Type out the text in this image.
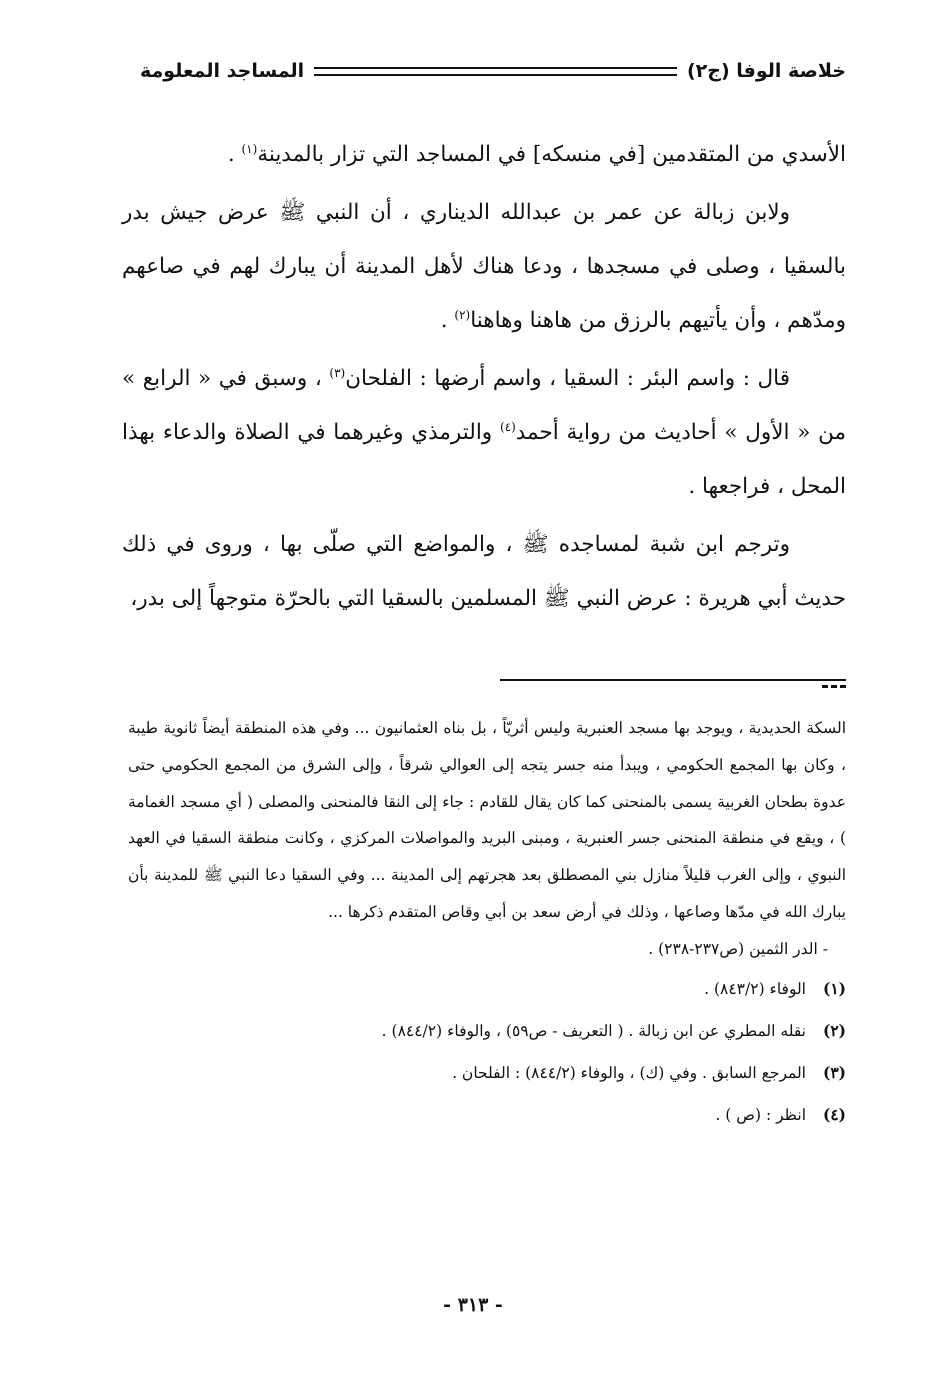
خلاصة الوفا (ج٢)
المساجد المعلومة

الأسدي من المتقدمين [في منسكه] في المساجد التي تزار بالمدينة$^{(١)}$ .

ولابن زبالة عن عمر بن عبدالله الديناري ، أن النبي ﷺ عرض جيش بدر بالسقيا ، وصلى في مسجدها ، ودعا هناك لأهل المدينة أن يبارك لهم في صاعهم ومدّهم ، وأن يأتيهم بالرزق من هاهنا وهاهنا$^{(٢)}$ .

قال : واسم البئر : السقيا ، واسم أرضها : الفلحان$^{(٣)}$ ، وسبق في « الرابع » من « الأول » أحاديث من رواية أحمد$^{(٤)}$ والترمذي وغيرهما في الصلاة والدعاء بهذا المحل ، فراجعها .

وترجم ابن شبة لمساجده ﷺ ، والمواضع التي صلّى بها ، وروى في ذلك حديث أبي هريرة : عرض النبي ﷺ المسلمين بالسقيا التي بالحرّة متوجهاً إلى بدر،

السكة الحديدية ، ويوجد بها مسجد العنبرية وليس أثريّاً ، بل بناه العثمانيون ... وفي هذه المنطقة أيضاً ثانوية طيبة ، وكان بها المجمع الحكومي ، ويبدأ منه جسر يتجه إلى العوالي شرقاً ، وإلى الشرق من المجمع الحكومي حتى عدوة بطحان الغربية يسمى بالمنحنى كما كان يقال للقادم : جاء إلى النقا فالمنحنى والمصلى ( أي مسجد الغمامة ) ، ويقع في منطقة المنحنى جسر العنبرية ، ومبنى البريد والمواصلات المركزي ، وكانت منطقة السقيا في العهد النبوي ، وإلى الغرب قليلاً منازل بني المصطلق بعد هجرتهم إلى المدينة ... وفي السقيا دعا النبي ﷺ للمدينة بأن يبارك الله في مدّها وصاعها ، وذلك في أرض سعد بن أبي وقاص المتقدم ذكرها ...
- الدر الثمين (ص٢٣٧-٢٣٨) .

(١)الوفاء (٨٤٣/٢) .
(٢)نقله المطري عن ابن زبالة . ( التعريف - ص٥٩) ، والوفاء (٨٤٤/٢) .
(٣)المرجع السابق . وفي (ك) ، والوفاء (٨٤٤/٢) : الفلحان .
(٤)انظر : (ص ) .
- ٣١٣ -
